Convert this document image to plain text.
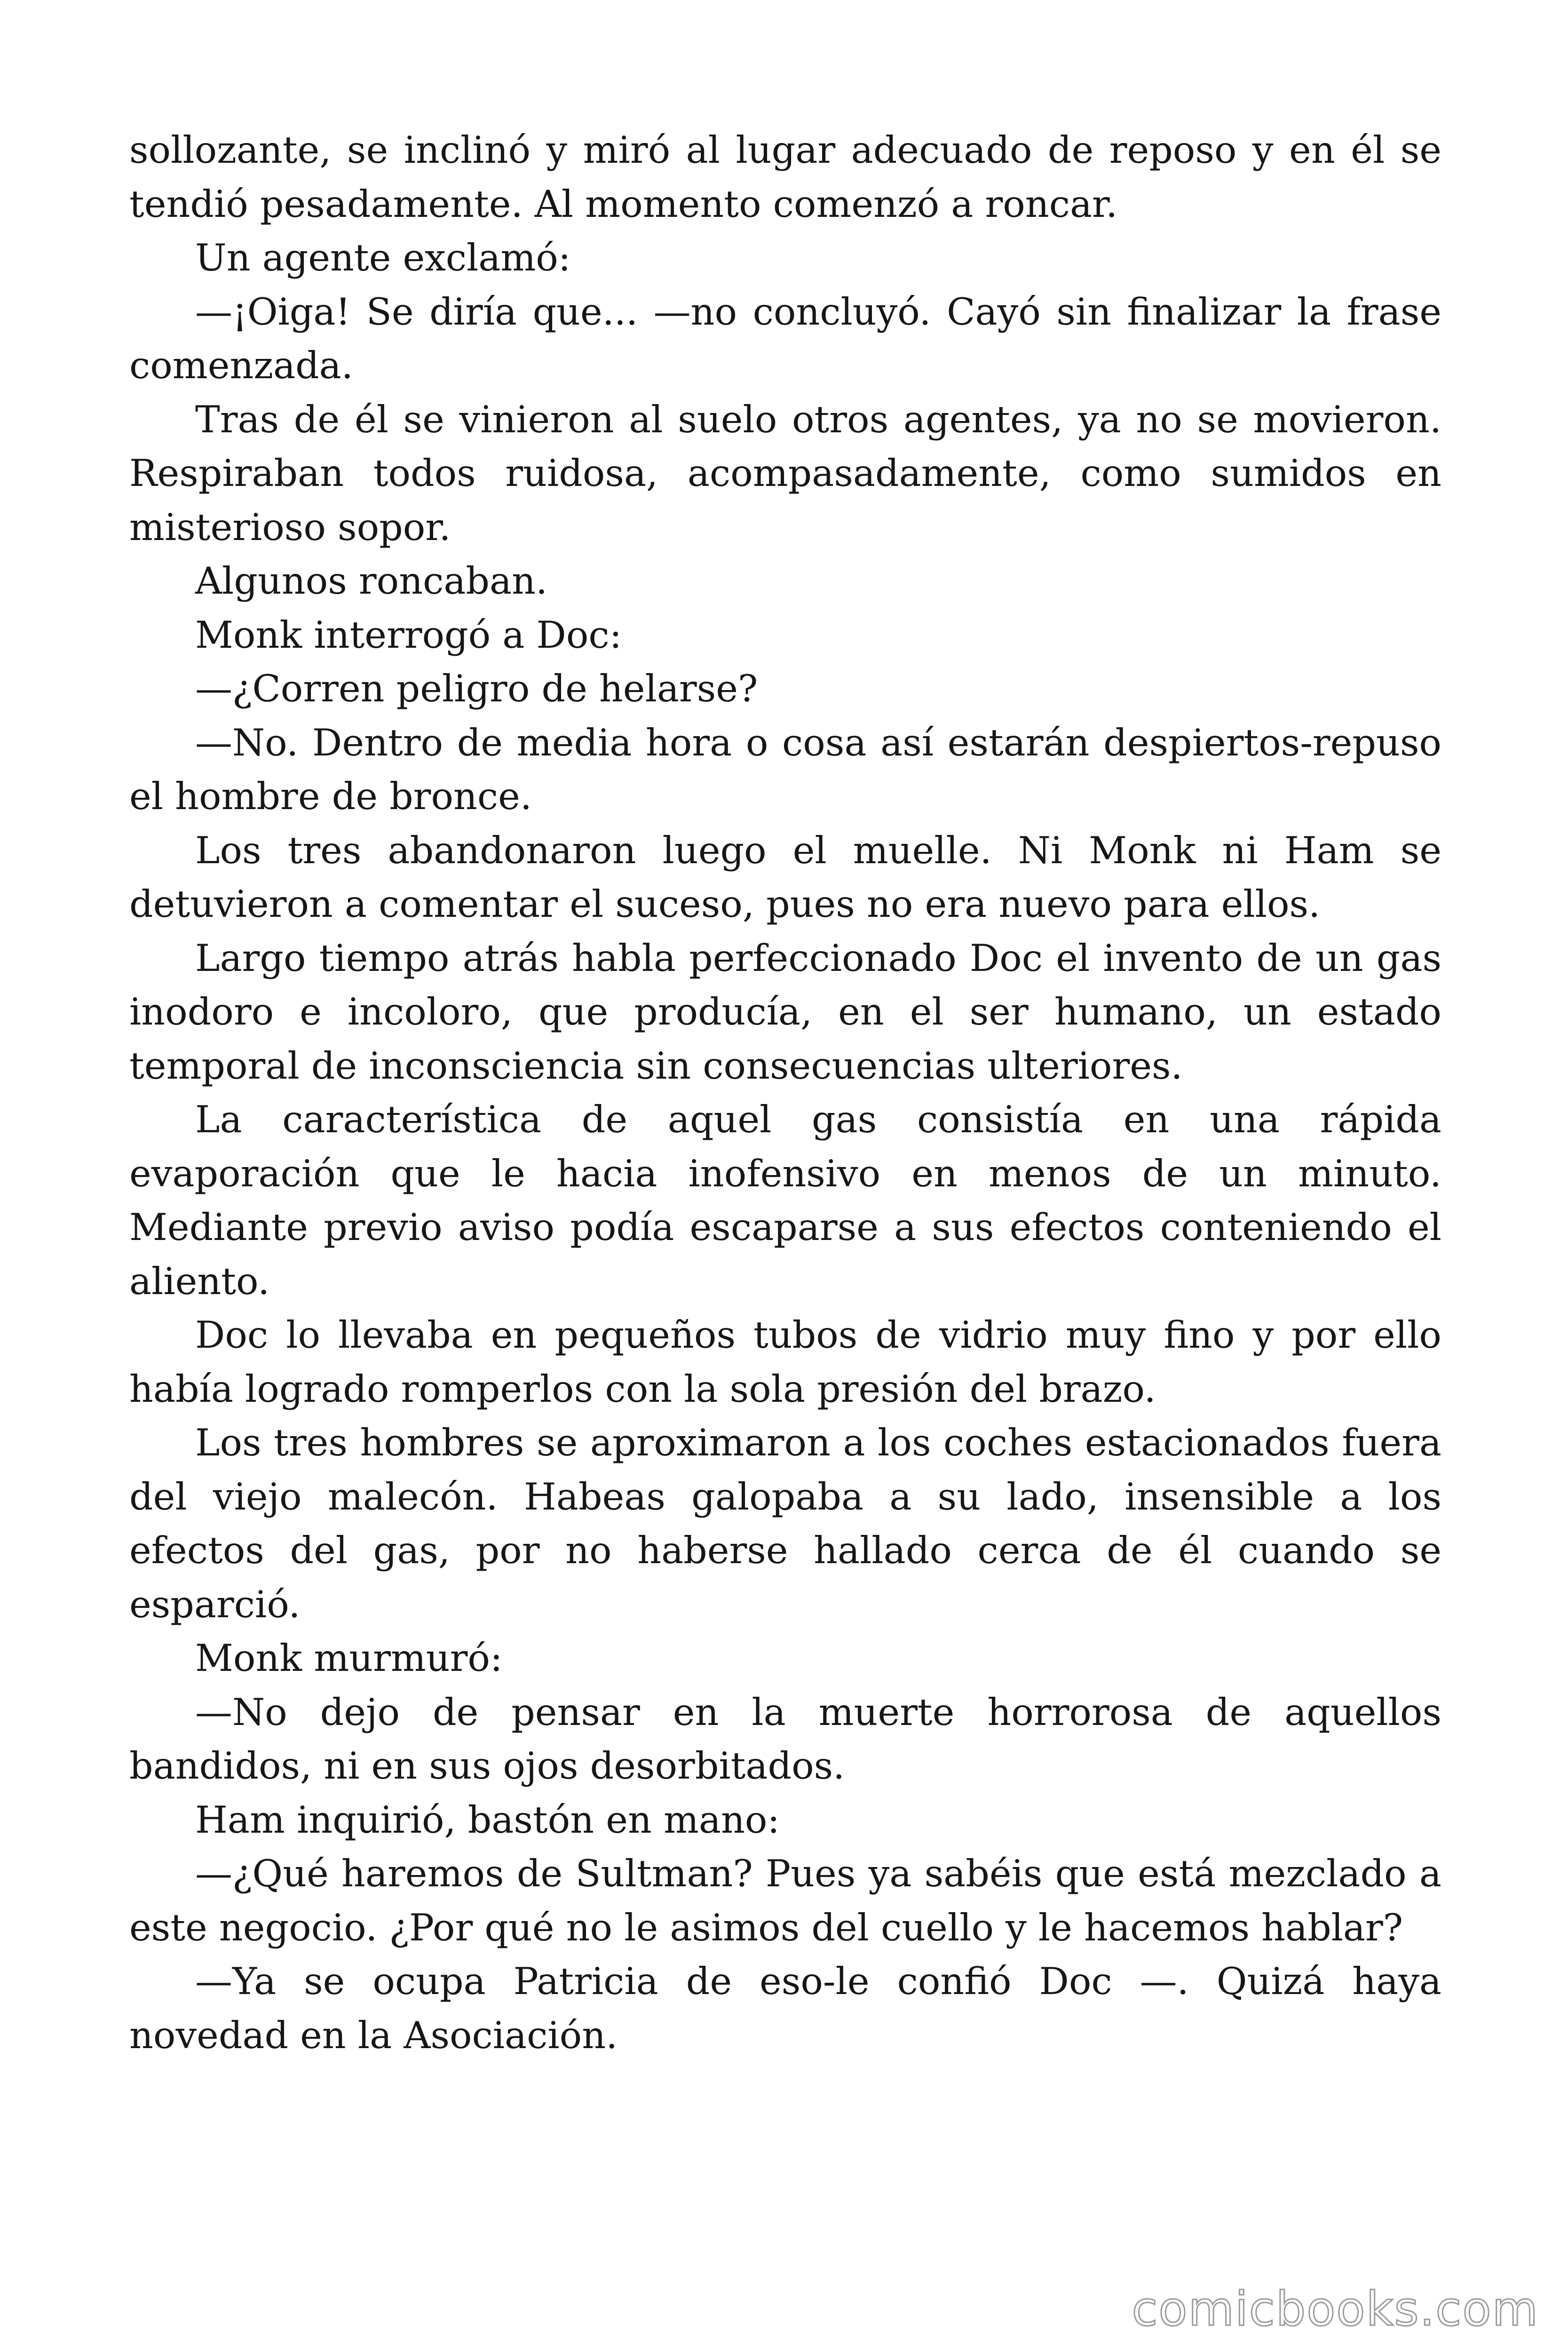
sollozante, se inclinó y miró al lugar adecuado de reposo y en él se tendió pesadamente. Al momento comenzó a roncar.

Un agente exclamó:

—¡Oiga! Se diría que... —no concluyó. Cayó sin finalizar la frase comenzada.

Tras de él se vinieron al suelo otros agentes, ya no se movieron. Respiraban todos ruidosa, acompasadamente, como sumidos en misterioso sopor.

Algunos roncaban.

Monk interrogó a Doc:

—¿Corren peligro de helarse?

—No. Dentro de media hora o cosa así estarán despiertos-repuso el hombre de bronce.

Los tres abandonaron luego el muelle. Ni Monk ni Ham se detuvieron a comentar el suceso, pues no era nuevo para ellos.

Largo tiempo atrás habla perfeccionado Doc el invento de un gas inodoro e incoloro, que producía, en el ser humano, un estado temporal de inconsciencia sin consecuencias ulteriores.

La característica de aquel gas consistía en una rápida evaporación que le hacia inofensivo en menos de un minuto. Mediante previo aviso podía escaparse a sus efectos conteniendo el aliento.

Doc lo llevaba en pequeños tubos de vidrio muy fino y por ello había logrado romperlos con la sola presión del brazo.

Los tres hombres se aproximaron a los coches estacionados fuera del viejo malecón. Habeas galopaba a su lado, insensible a los efectos del gas, por no haberse hallado cerca de él cuando se esparció.

Monk murmuró:

—No dejo de pensar en la muerte horrorosa de aquellos bandidos, ni en sus ojos desorbitados.

Ham inquirió, bastón en mano:

—¿Qué haremos de Sultman? Pues ya sabéis que está mezclado a este negocio. ¿Por qué no le asimos del cuello y le hacemos hablar?

—Ya se ocupa Patricia de eso-le confió Doc —. Quizá haya novedad en la Asociación.

comicbooks.com
